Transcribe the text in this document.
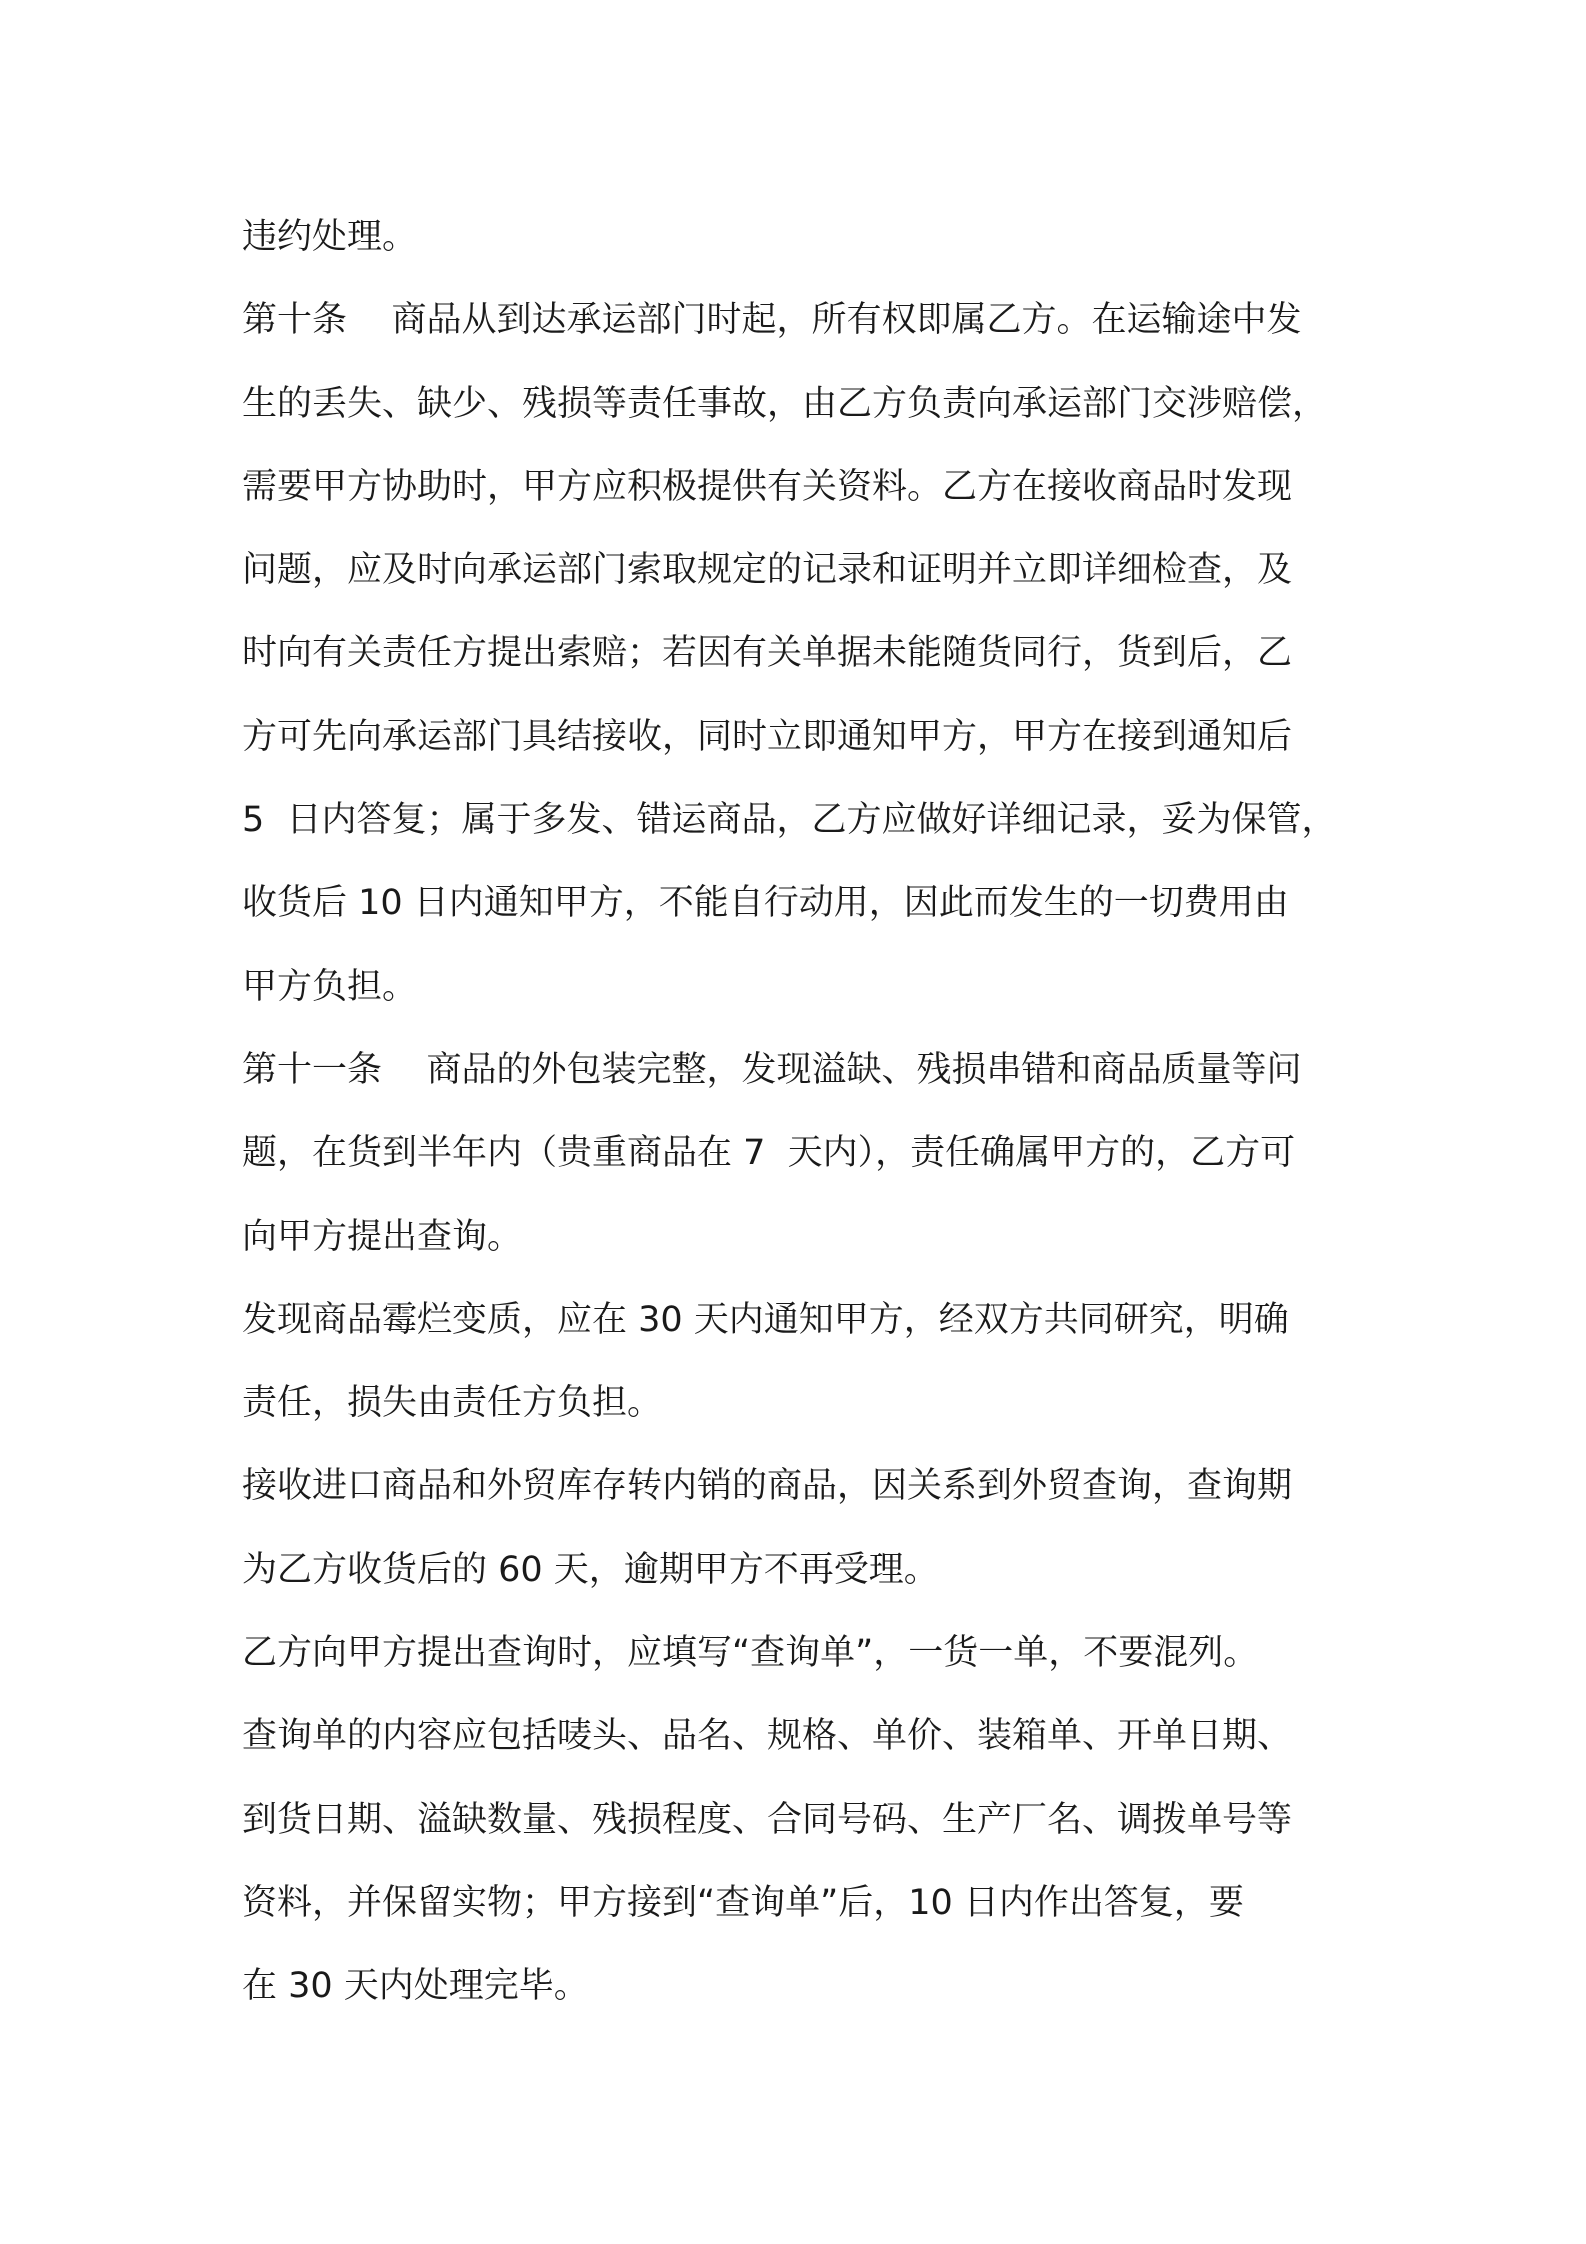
违约处理。
第十条    商品从到达承运部门时起，所有权即属乙方。在运输途中发
生的丢失、缺少、残损等责任事故，由乙方负责向承运部门交涉赔偿，
需要甲方协助时，甲方应积极提供有关资料。乙方在接收商品时发现
问题，应及时向承运部门索取规定的记录和证明并立即详细检查，及
时向有关责任方提出索赔；若因有关单据未能随货同行，货到后，乙
方可先向承运部门具结接收，同时立即通知甲方，甲方在接到通知后
5  日内答复；属于多发、错运商品，乙方应做好详细记录，妥为保管，
收货后 10 日内通知甲方，不能自行动用，因此而发生的一切费用由
甲方负担。
第十一条    商品的外包装完整，发现溢缺、残损串错和商品质量等问
题，在货到半年内（贵重商品在 7  天内），责任确属甲方的，乙方可
向甲方提出查询。
发现商品霉烂变质，应在 30 天内通知甲方，经双方共同研究，明确
责任，损失由责任方负担。
接收进口商品和外贸库存转内销的商品，因关系到外贸查询，查询期
为乙方收货后的 60 天，逾期甲方不再受理。
乙方向甲方提出查询时，应填写“查询单”，一货一单，不要混列。
查询单的内容应包括唛头、品名、规格、单价、装箱单、开单日期、
到货日期、溢缺数量、残损程度、合同号码、生产厂名、调拨单号等
资料，并保留实物；甲方接到“查询单”后，10 日内作出答复，要
在 30 天内处理完毕。
